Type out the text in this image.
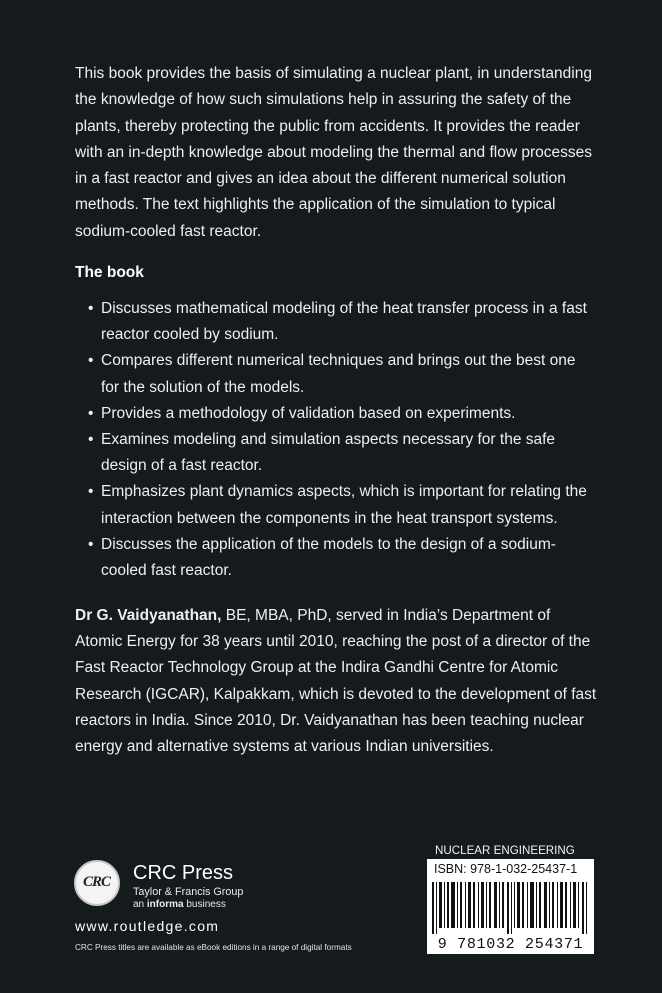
This book provides the basis of simulating a nuclear plant, in understanding the knowledge of how such simulations help in assuring the safety of the plants, thereby protecting the public from accidents. It provides the reader with an in-depth knowledge about modeling the thermal and flow processes in a fast reactor and gives an idea about the different numerical solution methods. The text highlights the application of the simulation to typical sodium-cooled fast reactor.

The book
• Discusses mathematical modeling of the heat transfer process in a fast reactor cooled by sodium.
• Compares different numerical techniques and brings out the best one for the solution of the models.
• Provides a methodology of validation based on experiments.
• Examines modeling and simulation aspects necessary for the safe design of a fast reactor.
• Emphasizes plant dynamics aspects, which is important for relating the interaction between the components in the heat transport systems.
• Discusses the application of the models to the design of a sodium-cooled fast reactor.

Dr G. Vaidyanathan, BE, MBA, PhD, served in India’s Department of Atomic Energy for 38 years until 2010, reaching the post of a director of the Fast Reactor Technology Group at the Indira Gandhi Centre for Atomic Research (IGCAR), Kalpakkam, which is devoted to the development of fast reactors in India. Since 2010, Dr. Vaidyanathan has been teaching nuclear energy and alternative systems at various Indian universities.

CRC CRC Press
Taylor & Francis Group
an informa business
www.routledge.com
CRC Press titles are available as eBook editions in a range of digital formats
NUCLEAR ENGINEERING
ISBN: 978-1-032-25437-1
9 781032 254371
